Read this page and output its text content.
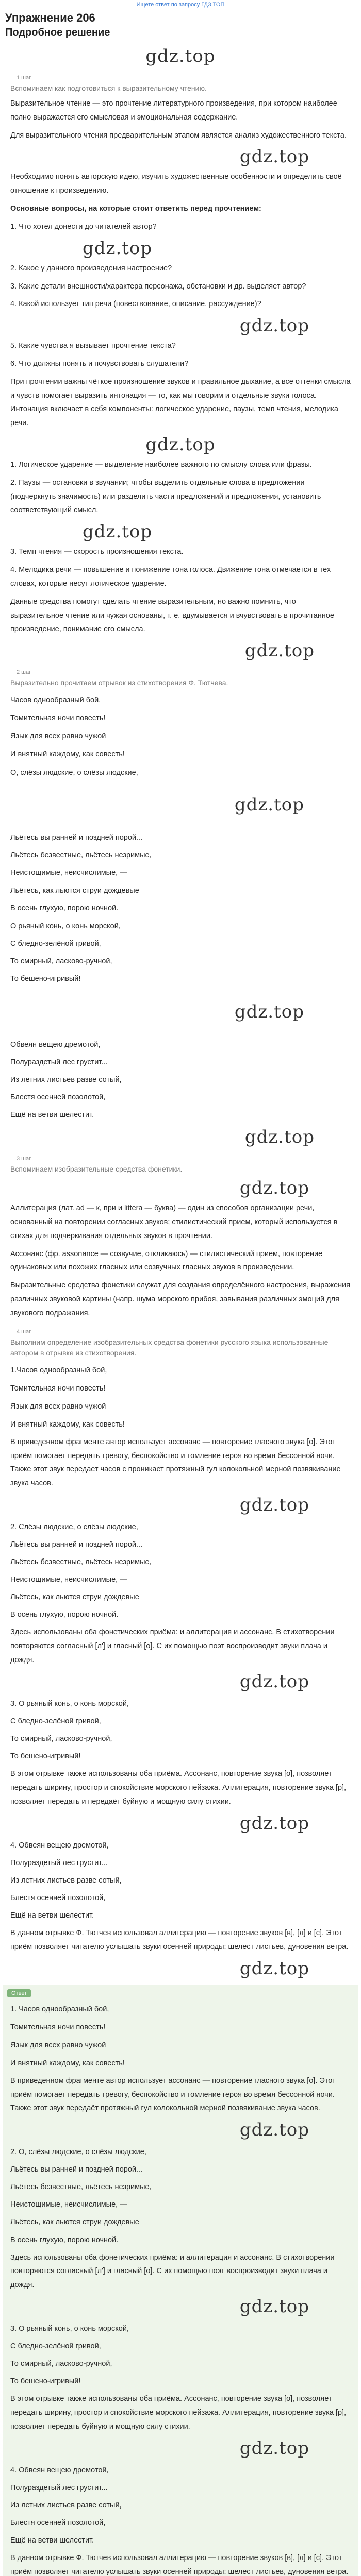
Ищете ответ по запросу ГДЗ ТОП
Упражнение 206
Подробное решение
gdz.top
1 шаг
Вспоминаем как подготовиться к выразительному чтению.
Выразительное чтение — это прочтение литературного произведения, при котором наиболее полно выражается его смысловая и эмоциональная содержание.
Для выразительного чтения предварительным этапом является анализ художественного текста.
gdz.top
Необходимо понять авторскую идею, изучить художественные особенности и определить своё отношение к произведению.
Основные вопросы, на которые стоит ответить перед прочтением:
1. Что хотел донести до читателей автор?
gdz.top
2. Какое у данного произведения настроение?
3. Какие детали внешности/характера персонажа, обстановки и др. выделяет автор?
4. Какой использует тип речи (повествование, описание, рассуждение)?
gdz.top
5. Какие чувства я вызывает прочтение текста?
6. Что должны понять и почувствовать слушатели?
При прочтении важны чёткое произношение звуков и правильное дыхание, а все оттенки смысла и чувств помогает выразить интонация — то, как мы говорим и отдельные звуки голоса. Интонация включает в себя компоненты: логическое ударение, паузы, темп чтения, мелодика речи.
gdz.top
1. Логическое ударение — выделение наиболее важного по смыслу слова или фразы.
2. Паузы — остановки в звучании; чтобы выделить отдельные слова в предложении (подчеркнуть значимость) или разделить части предложений и предложения, установить соответствующий смысл.
gdz.top
3. Темп чтения — скорость произношения текста.
4. Мелодика речи — повышение и понижение тона голоса. Движение тона отмечается в тех словах, которые несут логическое ударение.
Данные средства помогут сделать чтение выразительным, но важно помнить, что выразительное чтение или чужая основаны, т. е. вдумывается и вчувствовать в прочитанное произведение, понимание его смысла.
gdz.top
2 шаг
Выразительно прочитаем отрывок из стихотворения Ф. Тютчева.
Часов однообразный бой,
Томительная ночи повесть!
Язык для всех равно чужой
И внятный каждому, как совесть!
О, слёзы людские, о слёзы людские,
gdz.top
Льётесь вы ранней и поздней порой...
Льётесь безвестные, льётесь незримые,
Неистощимые, неисчислимые, —
Льётесь, как льются струи дождевые
В осень глухую, порою ночной.
О рьяный конь, о конь морской,
С бледно-зелёной гривой,
То смирный, ласково-ручной,
То бешено-игривый!
gdz.top
Обвеян вещею дремотой,
Полураздетый лес грустит...
Из летних листьев разве сотый,
Блестя осенней позолотой,
Ещё на ветви шелестит.
gdz.top
3 шаг
Вспоминаем изобразительные средства фонетики.
gdz.top
Аллитерация (лат. ad — к, при и littera — буква) — один из способов организации речи, основанный на повторении согласных звуков; стилистический прием, который используется в стихах для подчеркивания отдельных звуков в прочтении.
Ассонанс (фр. assonance — созвучие, откликаюсь) — стилистический прием, повторение одинаковых или похожих гласных или созвучных гласных звуков в произведении.
Выразительные средства фонетики служат для создания определённого настроения, выражения различных звуковой картины (напр. шума морского прибоя, завывания различных эмоций для звукового подражания.
4 шаг
Выполним определение изобразительных средства фонетики русского языка использованные автором в отрывке из стихотворения.
1.Часов однообразный бой,
Томительная ночи повесть!
Язык для всех равно чужой
И внятный каждому, как совесть!
В приведенном фрагменте автор использует ассонанс — повторение гласного звука [о]. Этот приём помогает передать тревогу, беспокойство и томление героя во время бессонной ночи. Также этот звук передает часов с проникает протяжный гул колокольной мерной позвякивание звука часов.
gdz.top
2. Слёзы людские, о слёзы людские,
Льётесь вы ранней и поздней порой...
Льётесь безвестные, льётесь незримые,
Неистощимые, неисчислимые, —
Льётесь, как льются струи дождевые
В осень глухую, порою ночной.
Здесь использованы оба фонетических приёма: и аллитерация и ассонанс. В стихотворении повторяются согласный [л'] и гласный [о]. С их помощью поэт воспроизводит звуки плача и дождя.
gdz.top
3. О рьяный конь, о конь морской,
С бледно-зелёной гривой,
То смирный, ласково-ручной,
То бешено-игривый!
В этом отрывке также использованы оба приёма. Ассонанс, повторение звука [о], позволяет передать ширину, простор и спокойствие морского пейзажа. Аллитерация, повторение звука [р], позволяет передать и передаёт буйную и мощную силу стихии.
gdz.top
4. Обвеян вещею дремотой,
Полураздетый лес грустит...
Из летних листьев разве сотый,
Блестя осенней позолотой,
Ещё на ветви шелестит.
В данном отрывке Ф. Тютчев использовал аллитерацию — повторение звуков [в], [л] и [с]. Этот приём позволяет читателю услышать звуки осенней природы: шелест листьев, дуновения ветра.
gdz.top
Ответ
1. Часов однообразный бой,
Томительная ночи повесть!
Язык для всех равно чужой
И внятный каждому, как совесть!
В приведенном фрагменте автор использует ассонанс — повторение гласного звука [о]. Этот приём помогает передать тревогу, беспокойство и томление героя во время бессонной ночи. Также этот звук передаёт протяжный гул колокольной мерной позвякивание звука часов.
gdz.top
2. О, слёзы людские, о слёзы людские,
Льётесь вы ранней и поздней порой...
Льётесь безвестные, льётесь незримые,
Неистощимые, неисчислимые, —
Льётесь, как льются струи дождевые
В осень глухую, порою ночной.
Здесь использованы оба фонетических приёма: и аллитерация и ассонанс. В стихотворении повторяются согласный [л'] и гласный [о]. С их помощью поэт воспроизводит звуки плача и дождя.
gdz.top
3. О рьяный конь, о конь морской,
С бледно-зелёной гривой,
То смирный, ласково-ручной,
То бешено-игривый!
В этом отрывке также использованы оба приёма. Ассонанс, повторение звука [о], позволяет передать ширину, простор и спокойствие морского пейзажа. Аллитерация, повторение звука [р], позволяет передать буйную и мощную силу стихии.
gdz.top
4. Обвеян вещею дремотой,
Полураздетый лес грустит...
Из летних листьев разве сотый,
Блестя осенней позолотой,
Ещё на ветви шелестит.
В данном отрывке Ф. Тютчев использовал аллитерацию — повторение звуков [в], [л] и [с]. Этот приём позволяет читателю услышать звуки осенней природы: шелест листьев, дуновения ветра.
